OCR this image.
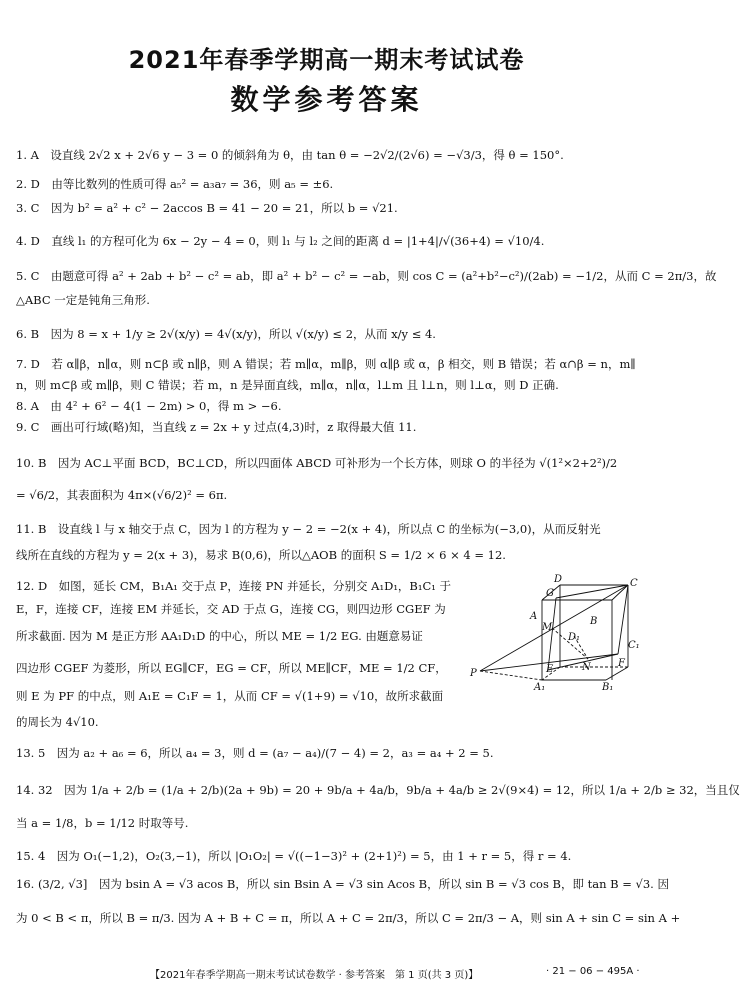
2021年春季学期高一期末考试试卷
数学参考答案
1. A　设直线 2√2 x + 2√6 y − 3 = 0 的倾斜角为 θ，由 tan θ = −2√2/(2√6) = −√3/3，得 θ = 150°.
2. D　由等比数列的性质可得 a₅² = a₃a₇ = 36，则 a₅ = ±6.
3. C　因为 b² = a² + c² − 2accos B = 41 − 20 = 21，所以 b = √21.
4. D　直线 l₁ 的方程可化为 6x − 2y − 4 = 0，则 l₁ 与 l₂ 之间的距离 d = |1+4|/√(36+4) = √10/4.
5. C　由题意可得 a² + 2ab + b² − c² = ab，即 a² + b² − c² = −ab，则 cos C = (a²+b²−c²)/(2ab) = −1/2，从而 C = 2π/3，故
△ABC 一定是钝角三角形.
6. B　因为 8 = x + 1/y ≥ 2√(x/y) = 4√(x/y)，所以 √(x/y) ≤ 2，从而 x/y ≤ 4.
7. D　若 α∥β，n∥α，则 n⊂β 或 n∥β，则 A 错误；若 m∥α，m∥β，则 α∥β 或 α，β 相交，则 B 错误；若 α∩β = n，m∥
n，则 m⊂β 或 m∥β，则 C 错误；若 m，n 是异面直线，m∥α，n∥α，l⊥m 且 l⊥n，则 l⊥α，则 D 正确.
8. A　由 4² + 6² − 4(1 − 2m) > 0，得 m > −6.
9. C　画出可行域(略)知，当直线 z = 2x + y 过点(4,3)时，z 取得最大值 11.
10. B　因为 AC⊥平面 BCD，BC⊥CD，所以四面体 ABCD 可补形为一个长方体，则球 O 的半径为 √(1²×2+2²)/2
= √6/2，其表面积为 4π×(√6/2)² = 6π.
11. B　设直线 l 与 x 轴交于点 C，因为 l 的方程为 y − 2 = −2(x + 4)，所以点 C 的坐标为(−3,0)，从而反射光
线所在直线的方程为 y = 2(x + 3)，易求 B(0,6)，所以△AOB 的面积 S = 1/2 × 6 × 4 = 12.
12. D　如图，延长 CM，B₁A₁ 交于点 P，连接 PN 并延长，分别交 A₁D₁，B₁C₁ 于
E，F，连接 CF，连接 EM 并延长，交 AD 于点 G，连接 CG，则四边形 CGEF 为
所求截面. 因为 M 是正方形 AA₁D₁D 的中心，所以 ME = 1/2 EG. 由题意易证
四边形 CGEF 为菱形，所以 EG∥CF，EG = CF，所以 ME∥CF，ME = 1/2 CF，
则 E 为 PF 的中点，则 A₁E = C₁F = 1，从而 CF = √(1+9) = √10，故所求截面
的周长为 4√10.
13. 5　因为 a₂ + a₆ = 6，所以 a₄ = 3，则 d = (a₇ − a₄)/(7 − 4) = 2，a₃ = a₄ + 2 = 5.
14. 32　因为 1/a + 2/b = (1/a + 2/b)(2a + 9b) = 20 + 9b/a + 4a/b，9b/a + 4a/b ≥ 2√(9×4) = 12，所以 1/a + 2/b ≥ 32，当且仅
当 a = 1/8，b = 1/12 时取等号.
15. 4　因为 O₁(−1,2)，O₂(3,−1)，所以 |O₁O₂| = √((−1−3)² + (2+1)²) = 5，由 1 + r = 5，得 r = 4.
16. (3/2, √3]　因为 bsin A = √3 acos B，所以 sin Bsin A = √3 sin Acos B，所以 sin B = √3 cos B，即 tan B = √3. 因
为 0 < B < π，所以 B = π/3. 因为 A + B + C = π，所以 A + C = 2π/3，所以 C = 2π/3 − A，则 sin A + sin C = sin A +
D	C
G
A	B
M
D₁
C₁
F
E	N
P
A₁	B₁
【2021年春季学期高一期末考试试卷数学 · 参考答案　第 1 页(共 3 页)】	· 21 − 06 − 495A ·
